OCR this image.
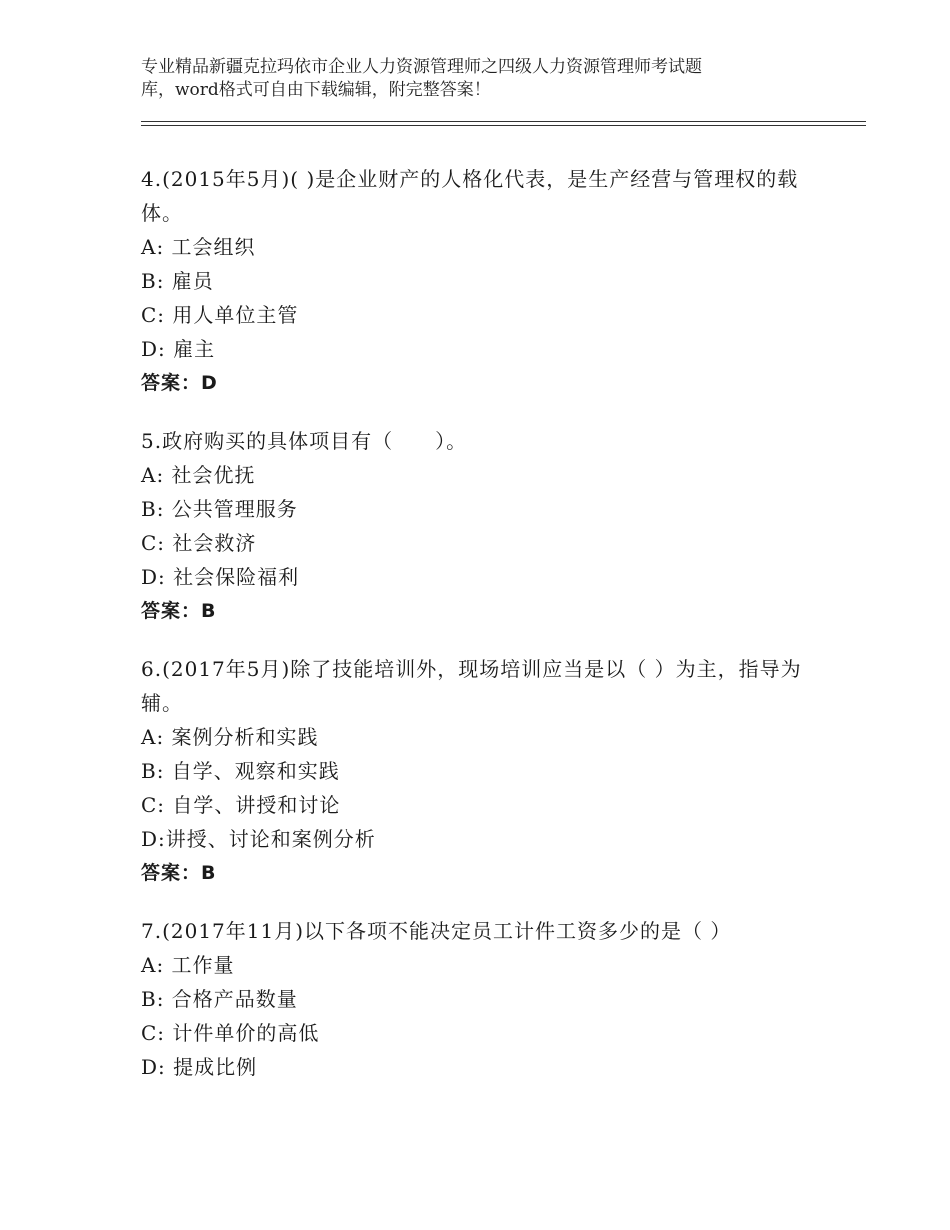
专业精品新疆克拉玛依市企业人力资源管理师之四级人力资源管理师考试题
库，word格式可自由下载编辑，附完整答案！

4.(2015年5月)( )是企业财产的人格化代表，是生产经营与管理权的载体。

A: 工会组织

B: 雇员

C: 用人单位主管

D: 雇主

答案：D

5.政府购买的具体项目有（　　）。

A: 社会优抚

B: 公共管理服务

C: 社会救济

D: 社会保险福利

答案：B

6.(2017年5月)除了技能培训外，现场培训应当是以（ ）为主，指导为辅。

A: 案例分析和实践

B: 自学、观察和实践

C: 自学、讲授和讨论

D:讲授、讨论和案例分析

答案：B

7.(2017年11月)以下各项不能决定员工计件工资多少的是（ ）

A: 工作量

B: 合格产品数量

C: 计件单价的高低

D: 提成比例
